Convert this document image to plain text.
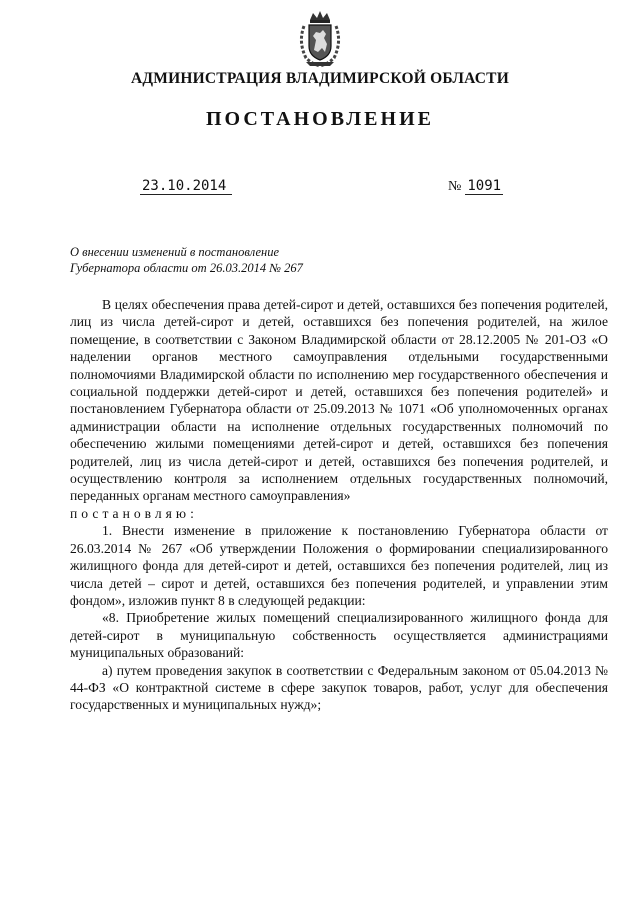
АДМИНИСТРАЦИЯ ВЛАДИМИРСКОЙ ОБЛАСТИ
ПОСТАНОВЛЕНИЕ
23.10.2014	№ 1091
О внесении изменений в постановление
Губернатора области от 26.03.2014 № 267

В целях обеспечения права детей-сирот и детей, оставшихся без попечения родителей, лиц из числа детей-сирот и детей, оставшихся без попечения родителей, на жилое помещение, в соответствии с Законом Владимирской области от 28.12.2005 № 201-ОЗ «О наделении органов местного самоуправления отдельными государственными полномочиями Владимирской области по исполнению мер государственного обеспечения и социальной поддержки детей-сирот и детей, оставшихся без попечения родителей» и постановлением Губернатора области от 25.09.2013 № 1071 «Об уполномоченных органах администрации области на исполнение отдельных государственных полномочий по обеспечению жилыми помещениями детей-сирот и детей, оставшихся без попечения родителей, лиц из числа детей-сирот и детей, оставшихся без попечения родителей, и осуществлению контроля за исполнением отдельных государственных полномочий, переданных органам местного самоуправления»

постановляю:

1. Внести изменение в приложение к постановлению Губернатора области от 26.03.2014 № 267 «Об утверждении Положения о формировании специализированного жилищного фонда для детей-сирот и детей, оставшихся без попечения родителей, лиц из числа детей – сирот и детей, оставшихся без попечения родителей, и управлении этим фондом», изложив пункт 8 в следующей редакции:

«8. Приобретение жилых помещений специализированного жилищного фонда для детей-сирот в муниципальную собственность осуществляется администрациями муниципальных образований:

а) путем проведения закупок в соответствии с Федеральным законом от 05.04.2013 № 44-ФЗ «О контрактной системе в сфере закупок товаров, работ, услуг для обеспечения государственных и муниципальных нужд»;
